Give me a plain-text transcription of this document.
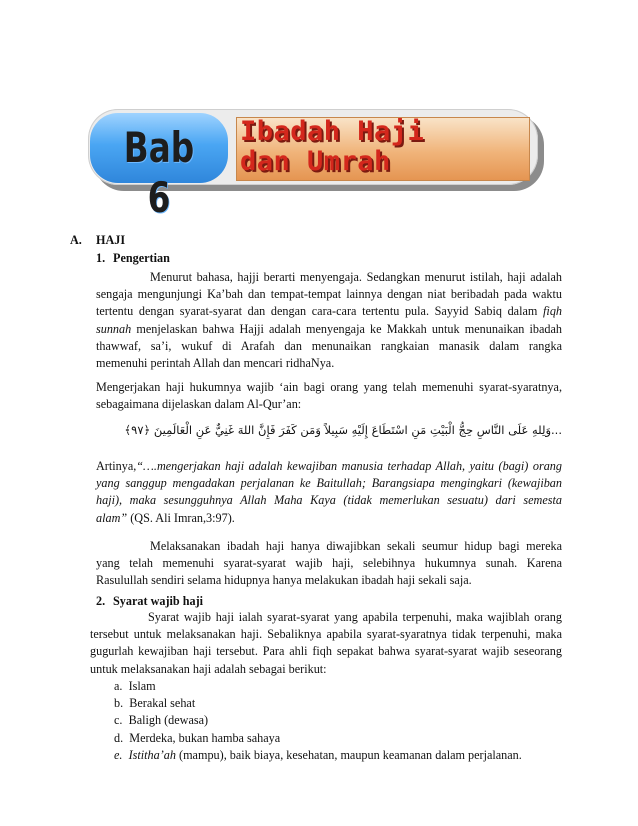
Bab 6
Ibadah Haji
dan Umrah
A. HAJI
1. Pengertian
Menurut bahasa, hajji berarti menyengaja. Sedangkan menurut istilah, haji adalah
sengaja mengunjungi Ka’bah dan tempat-tempat lainnya dengan niat beribadah pada waktu
tertentu dengan syarat-syarat dan dengan cara-cara tertentu pula. Sayyid Sabiq dalam fiqh
sunnah menjelaskan bahwa Hajji adalah menyengaja ke Makkah untuk menunaikan ibadah
thawwaf, sa’i, wukuf di Arafah dan menunaikan rangkaian manasik dalam rangka
memenuhi perintah Allah dan mencari ridhaNya.
Mengerjakan haji hukumnya wajib ‘ain bagi orang yang telah memenuhi syarat-syaratnya,
sebagaimana dijelaskan dalam Al-Qur’an:
...وَلِلهِ عَلَى النَّاسِ حِجُّ الْبَيْتِ مَنِ اسْتَطَاعَ إِلَيْهِ سَبِيلاً وَمَن كَفَرَ فَإِنَّ اللهَ غَنِيٌّ عَنِ الْعَالَمِينَ ﴿٩٧﴾
Artinya,“….mengerjakan haji adalah kewajiban manusia terhadap Allah, yaitu (bagi) orang
yang sanggup mengadakan perjalanan ke Baitullah; Barangsiapa mengingkari (kewajiban
haji), maka sesungguhnya Allah Maha Kaya (tidak memerlukan sesuatu) dari semesta
alam” (QS. Ali Imran,3:97).
Melaksanakan ibadah haji hanya diwajibkan sekali seumur hidup bagi mereka
yang telah memenuhi syarat-syarat wajib haji, selebihnya hukumnya sunah. Karena
Rasulullah sendiri selama hidupnya hanya melakukan ibadah haji sekali saja.
2. Syarat wajib haji
Syarat wajib haji ialah syarat-syarat yang apabila terpenuhi, maka wajiblah orang
tersebut untuk melaksanakan haji. Sebaliknya apabila syarat-syaratnya tidak terpenuhi, maka
gugurlah kewajiban haji tersebut. Para ahli fiqh sepakat bahwa syarat-syarat wajib seseorang
untuk melaksanakan haji adalah sebagai berikut:
a. Islam
b. Berakal sehat
c. Baligh (dewasa)
d. Merdeka, bukan hamba sahaya
e. Istitha’ah (mampu), baik biaya, kesehatan, maupun keamanan dalam perjalanan.
